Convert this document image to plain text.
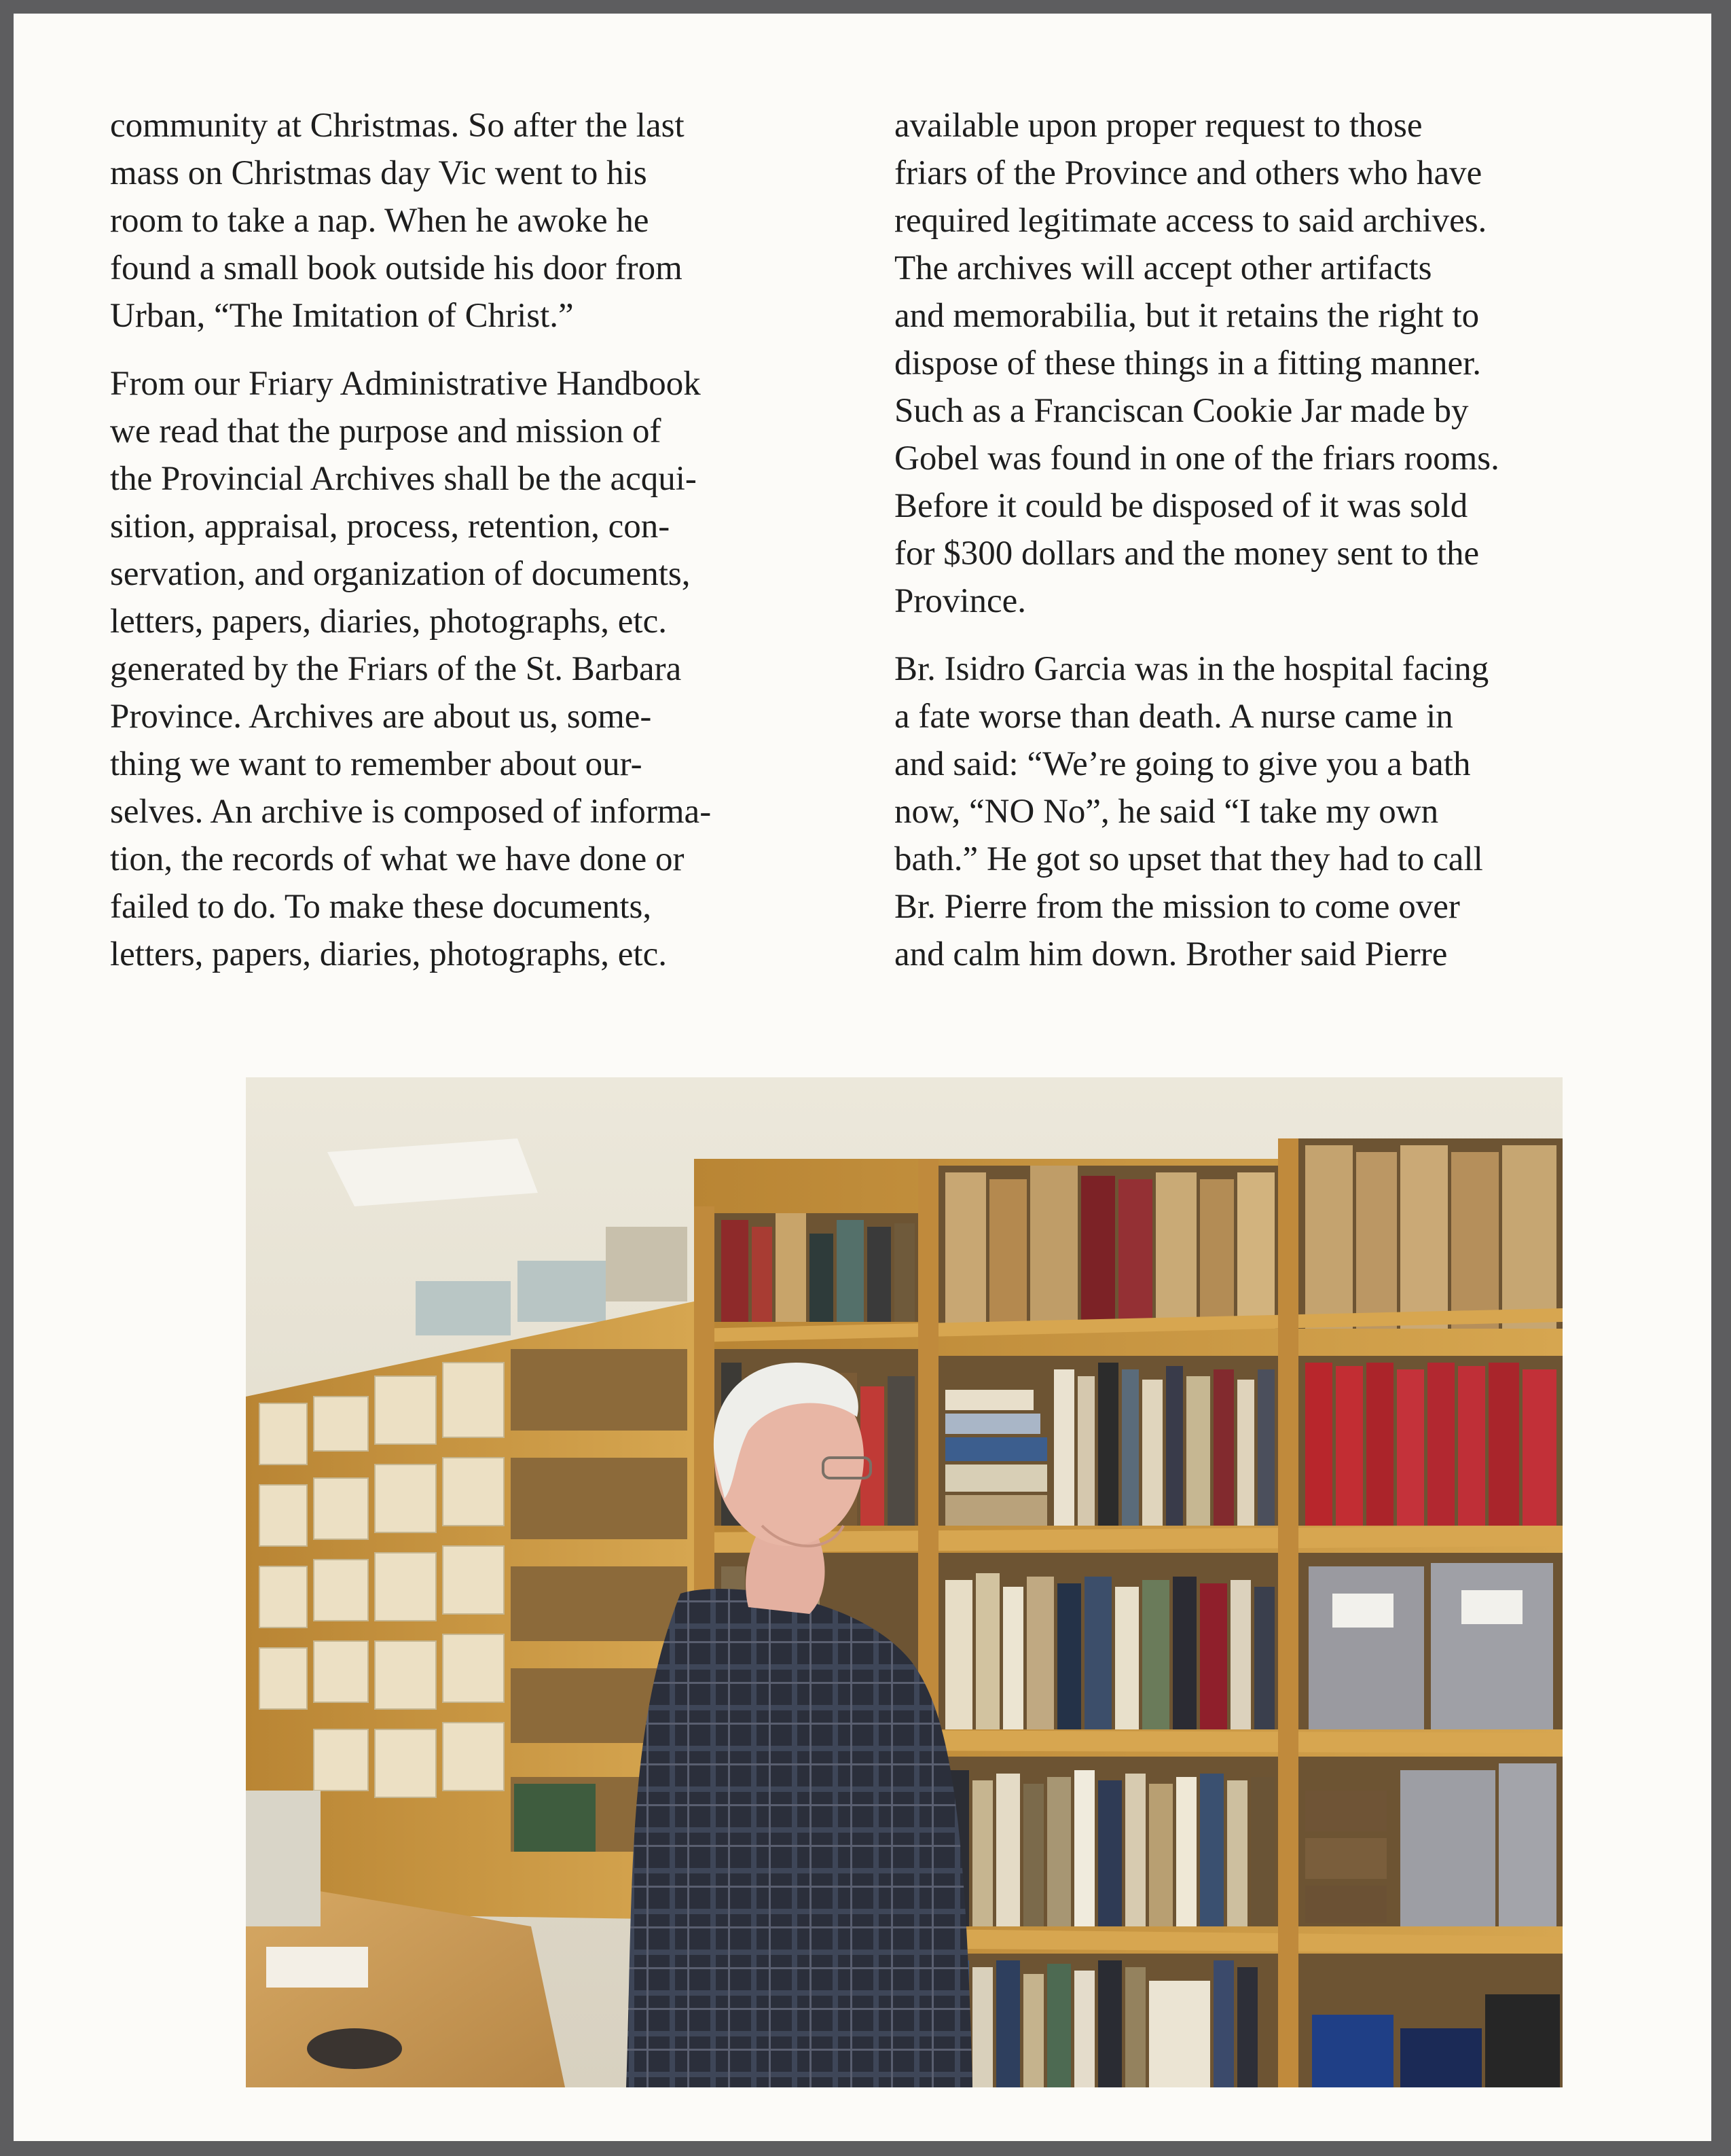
community at Christmas. So after the last
mass on Christmas day Vic went to his
room to take a nap. When he awoke he
found a small book outside his door from
Urban, “The Imitation of Christ.”

From our Friary Administrative Handbook
we read that the purpose and mission of
the Provincial Archives shall be the acqui-
sition, appraisal, process, retention, con-
servation, and organization of documents,
letters, papers, diaries, photographs, etc.
generated by the Friars of the St. Barbara
Province. Archives are about us, some-
thing we want to remember about our-
selves. An archive is composed of informa-
tion, the records of what we have done or
failed to do. To make these documents,
letters, papers, diaries, photographs, etc.

available upon proper request to those
friars of the Province and others who have
required legitimate access to said archives.
The archives will accept other artifacts
and memorabilia, but it retains the right to
dispose of these things in a fitting manner.
Such as a Franciscan Cookie Jar made by
Gobel was found in one of the friars rooms.
Before it could be disposed of it was sold
for $300 dollars and the money sent to the
Province.

Br. Isidro Garcia was in the hospital facing
a fate worse than death. A nurse came in
and said: “We’re going to give you a bath
now, “NO No”, he said “I take my own
bath.” He got so upset that they had to call
Br. Pierre from the mission to come over
and calm him down. Brother said Pierre
